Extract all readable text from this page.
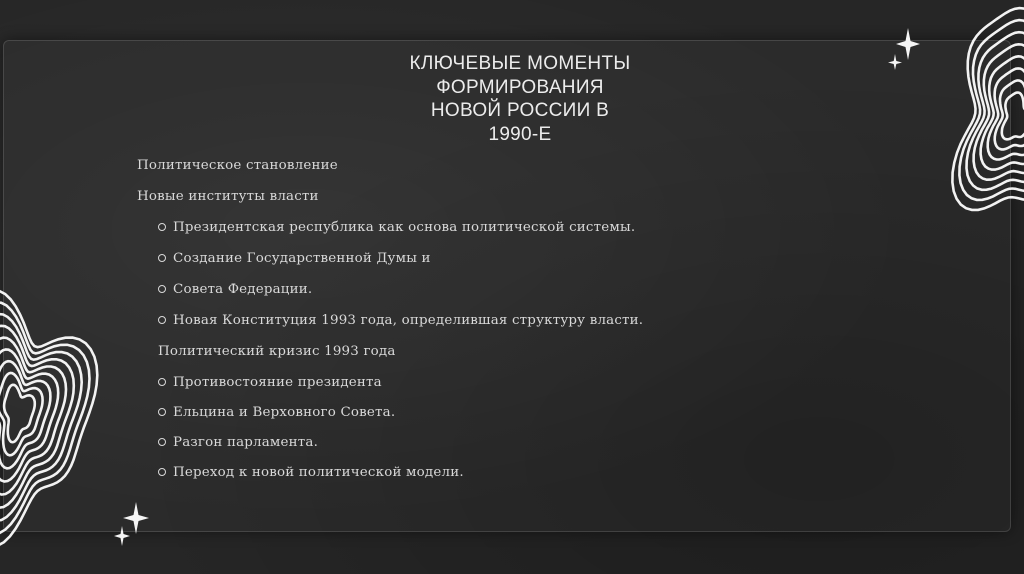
КЛЮЧЕВЫЕ МОМЕНТЫ
ФОРМИРОВАНИЯ
НОВОЙ РОССИИ В
1990-Е
Политическое становление
Новые институты власти
Президентская республика как основа политической системы.
Создание Государственной Думы и
Совета Федерации.
Новая Конституция 1993 года, определившая структуру власти.
Политический кризис 1993 года
Противостояние президента
Ельцина и Верховного Совета.
Разгон парламента.
Переход к новой политической модели.
